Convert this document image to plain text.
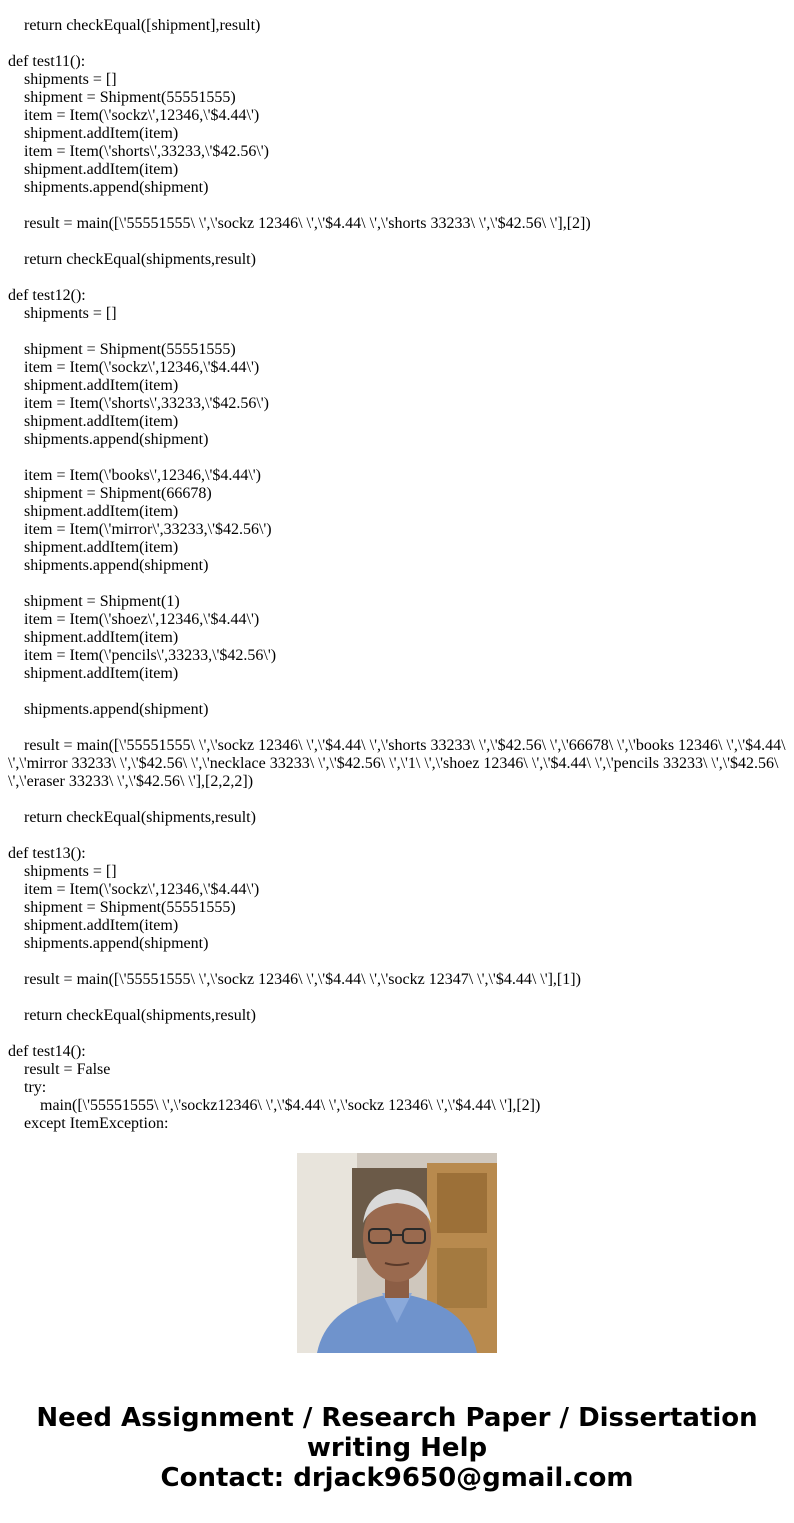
return checkEqual([shipment],result)
def test11():
shipments = []
shipment = Shipment(55551555)
item = Item(\'sockz\',12346,\'$4.44\')
shipment.addItem(item)
item = Item(\'shorts\',33233,\'$42.56\')
shipment.addItem(item)
shipments.append(shipment)
result = main([\'55551555\ \',\'sockz 12346\ \',\'$4.44\ \',\'shorts 33233\ \',\'$42.56\ \'],[2])
return checkEqual(shipments,result)
def test12():
shipments = []
shipment = Shipment(55551555)
item = Item(\'sockz\',12346,\'$4.44\')
shipment.addItem(item)
item = Item(\'shorts\',33233,\'$42.56\')
shipment.addItem(item)
shipments.append(shipment)
item = Item(\'books\',12346,\'$4.44\')
shipment = Shipment(66678)
shipment.addItem(item)
item = Item(\'mirror\',33233,\'$42.56\')
shipment.addItem(item)
shipments.append(shipment)
shipment = Shipment(1)
item = Item(\'shoez\',12346,\'$4.44\')
shipment.addItem(item)
item = Item(\'pencils\',33233,\'$42.56\')
shipment.addItem(item)
shipments.append(shipment)
result = main([\'55551555\ \',\'sockz 12346\ \',\'$4.44\ \',\'shorts 33233\ \',\'$42.56\ \',\'66678\ \',\'books 12346\ \',\'$4.44\ \',\'mirror 33233\ \',\'$42.56\ \',\'necklace 33233\ \',\'$42.56\ \',\'1\ \',\'shoez 12346\ \',\'$4.44\ \',\'pencils 33233\ \',\'$42.56\ \',\'eraser 33233\ \',\'$42.56\ \'],[2,2,2])
return checkEqual(shipments,result)
def test13():
shipments = []
item = Item(\'sockz\',12346,\'$4.44\')
shipment = Shipment(55551555)
shipment.addItem(item)
shipments.append(shipment)
result = main([\'55551555\ \',\'sockz 12346\ \',\'$4.44\ \',\'sockz 12347\ \',\'$4.44\ \'],[1])
return checkEqual(shipments,result)
def test14():
result = False
try:
main([\'55551555\ \',\'sockz12346\ \',\'$4.44\ \',\'sockz 12346\ \',\'$4.44\ \'],[2])
except ItemException:
Need Assignment / Research Paper / Dissertation
writing Help
Contact: drjack9650@gmail.com
